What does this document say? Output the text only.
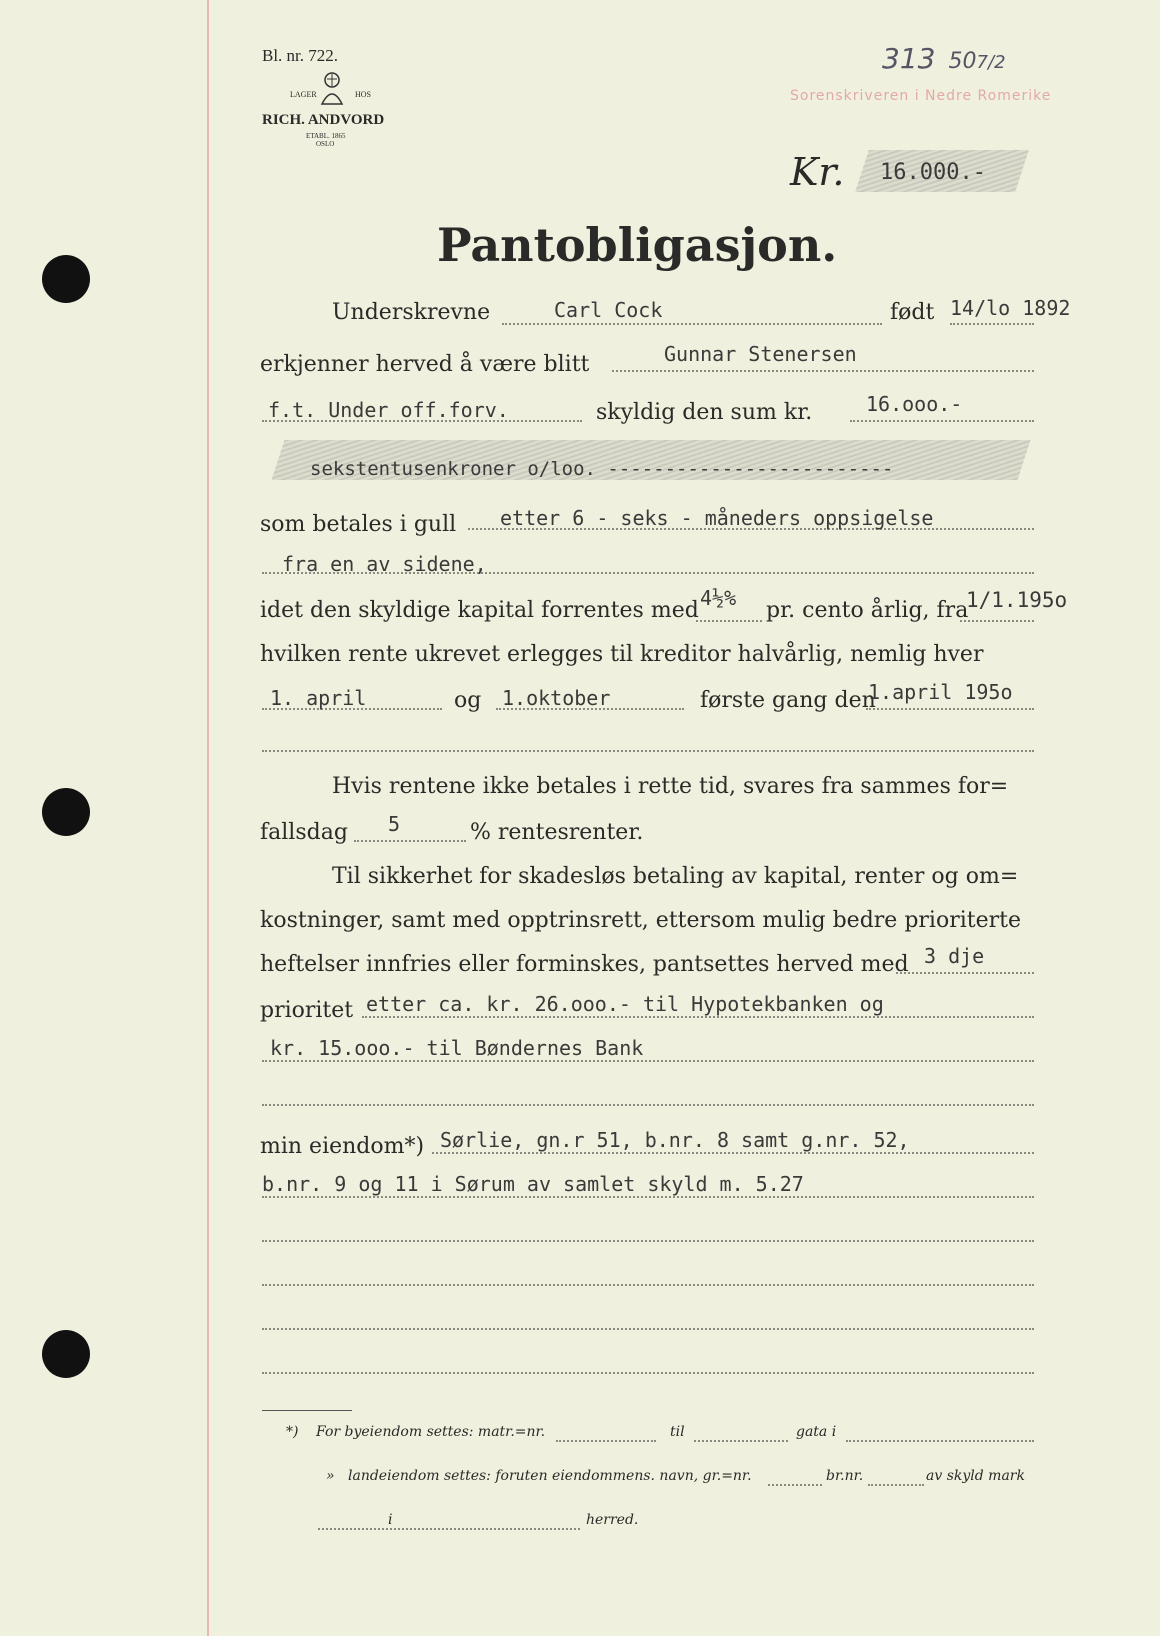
Bl. nr. 722.
LAGER	HOS
RICH. ANDVORD
ETABL. 1865
OSLO
313 507/2
Sorenskriveren i Nedre Romerike
Kr. 16.000.-
Pantobligasjon.
Underskrevne	Carl Cock	født 14/lo 1892
erkjenner herved å være blitt	Gunnar Stenersen
f.t. Under off.forv.	skyldig den sum kr.	16.ooo.-
sekstentusenkroner o/loo. -------------------------
som betales i gull etter 6 - seks - måneders oppsigelse
fra en av sidene,
idet den skyldige kapital forrentes med 4½% pr. cento årlig, fra
1/1.195o
hvilken rente ukrevet erlegges til kreditor halvårlig, nemlig hver
1. april	og 1.oktober	første gang den
1.april 195o
Hvis rentene ikke betales i rette tid, svares fra sammes for=
fallsdag 5	% rentesrenter.
Til sikkerhet for skadesløs betaling av kapital, renter og om=
kostninger, samt med opptrinsrett, ettersom mulig bedre prioriterte
heftelser innfries eller forminskes, pantsettes herved med 3 dje
prioritet etter ca. kr. 26.ooo.- til Hypotekbanken og
kr. 15.ooo.- til Bøndernes Bank
min eiendom*) Sørlie, gn.r 51, b.nr. 8 samt g.nr. 52,
b.nr. 9 og 11 i Sørum av samlet skyld m. 5.27
*) For byeiendom settes: matr.=nr.	til	gata i
» landeiendom settes: foruten eiendommens. navn, gr.=nr.	br.nr.	av skyld mark
i	herred.
